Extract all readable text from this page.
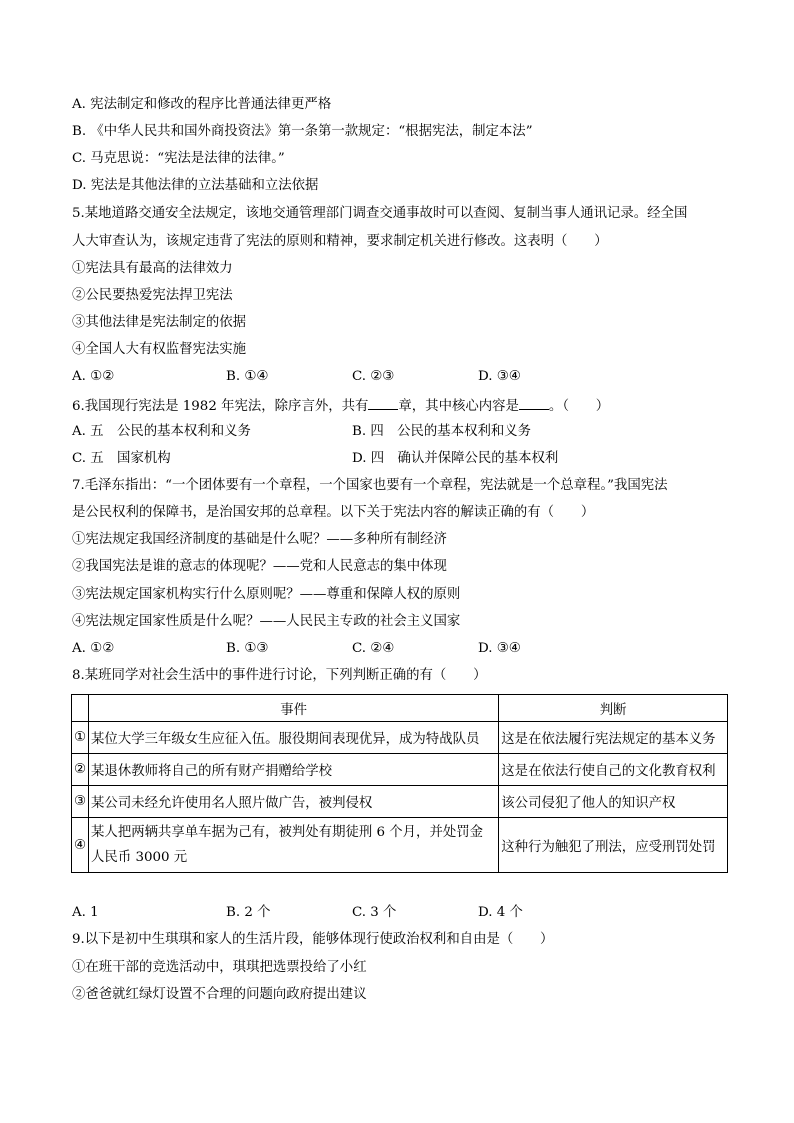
A. 宪法制定和修改的程序比普通法律更严格
B. 《中华人民共和国外商投资法》第一条第一款规定：“根据宪法，制定本法”
C. 马克思说：“宪法是法律的法律。”
D. 宪法是其他法律的立法基础和立法依据
5.某地道路交通安全法规定，该地交通管理部门调查交通事故时可以查阅、复制当事人通讯记录。经全国
人大审查认为，该规定违背了宪法的原则和精神，要求制定机关进行修改。这表明（　　）
①宪法具有最高的法律效力
②公民要热爱宪法捍卫宪法
③其他法律是宪法制定的依据
④全国人大有权监督宪法实施
A. ①②	B. ①④	C. ②③	D. ③④
6.我国现行宪法是 1982 年宪法，除序言外，共有 章，其中核心内容是 。（　　）
A. 五　公民的基本权利和义务	B. 四　公民的基本权利和义务
C. 五　国家机构	D. 四　确认并保障公民的基本权利
7.毛泽东指出：“一个团体要有一个章程，一个国家也要有一个章程，宪法就是一个总章程。”我国宪法
是公民权利的保障书，是治国安邦的总章程。以下关于宪法内容的解读正确的有（　　）
①宪法规定我国经济制度的基础是什么呢？——多种所有制经济
②我国宪法是谁的意志的体现呢？——党和人民意志的集中体现
③宪法规定国家机构实行什么原则呢？——尊重和保障人权的原则
④宪法规定国家性质是什么呢？——人民民主专政的社会主义国家
A. ①②	B. ①③	C. ②④	D. ③④
8.某班同学对社会生活中的事件进行讨论，下列判断正确的有（　　）
	事件	判断
①	某位大学三年级女生应征入伍。服役期间表现优异，成为特战队员	这是在依法履行宪法规定的基本义务
②	某退休教师将自己的所有财产捐赠给学校	这是在依法行使自己的文化教育权利
③	某公司未经允许使用名人照片做广告，被判侵权	该公司侵犯了他人的知识产权
④	某人把两辆共享单车据为己有，被判处有期徒刑 6 个月，并处罚金人民币 3000 元	这种行为触犯了刑法，应受刑罚处罚
A. 1	B. 2 个	C. 3 个	D. 4 个
9.以下是初中生琪琪和家人的生活片段，能够体现行使政治权利和自由是（　　）
①在班干部的竞选活动中，琪琪把选票投给了小红
②爸爸就红绿灯设置不合理的问题向政府提出建议
